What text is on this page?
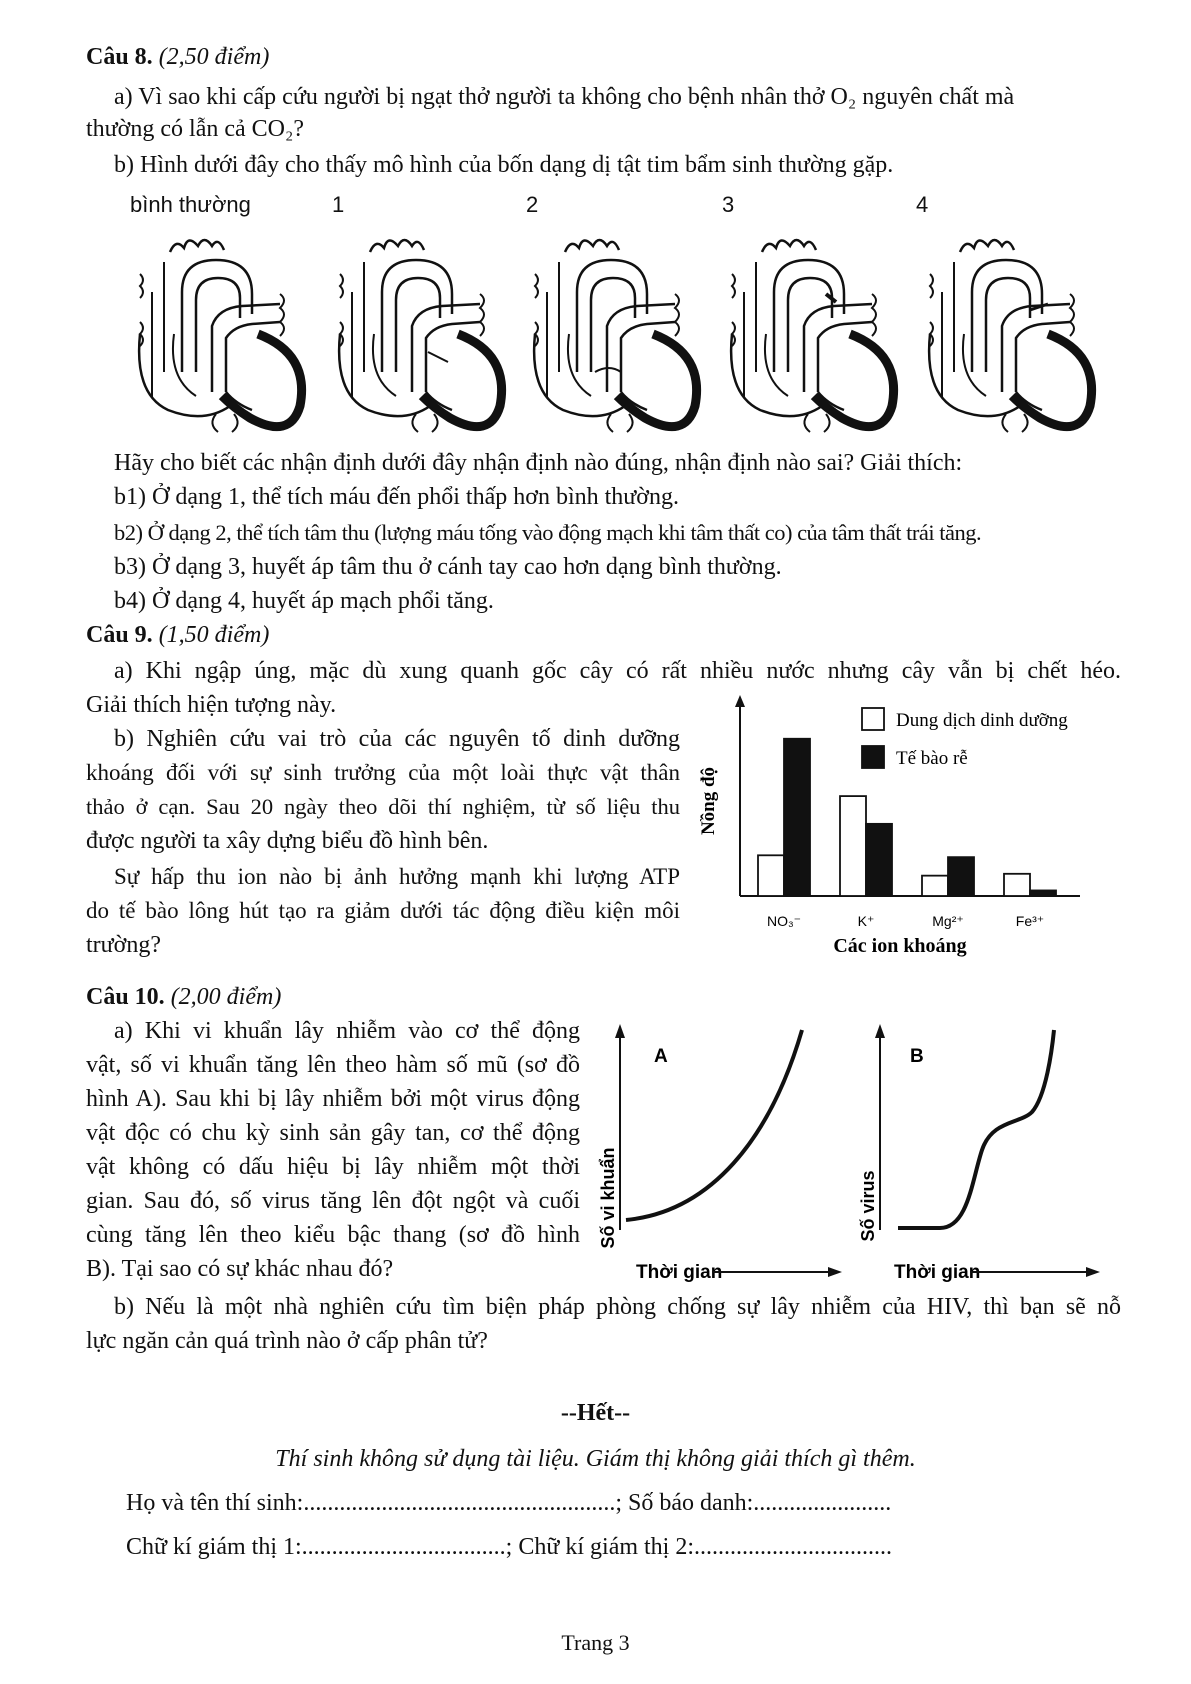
Câu 8. (2,50 điểm)
a) Vì sao khi cấp cứu người bị ngạt thở người ta không cho bệnh nhân thở O₂ nguyên chất mà
thường có lẫn cả CO₂?
b) Hình dưới đây cho thấy mô hình của bốn dạng dị tật tim bẩm sinh thường gặp.
bình thường	1	2	3	4
Hãy cho biết các nhận định dưới đây nhận định nào đúng, nhận định nào sai? Giải thích:
b1) Ở dạng 1, thể tích máu đến phổi thấp hơn bình thường.
b2) Ở dạng 2, thể tích tâm thu (lượng máu tống vào động mạch khi tâm thất co) của tâm thất trái tăng.
b3) Ở dạng 3, huyết áp tâm thu ở cánh tay cao hơn dạng bình thường.
b4) Ở dạng 4, huyết áp mạch phổi tăng.
Câu 9. (1,50 điểm)
a) Khi ngập úng, mặc dù xung quanh gốc cây có rất nhiều nước nhưng cây vẫn bị chết héo.
Giải thích hiện tượng này.
b) Nghiên cứu vai trò của các nguyên tố dinh dưỡng
khoáng đối với sự sinh trưởng của một loài thực vật thân
thảo ở cạn. Sau 20 ngày theo dõi thí nghiệm, từ số liệu thu
được người ta xây dựng biểu đồ hình bên.
Sự hấp thu ion nào bị ảnh hưởng mạnh khi lượng ATP
do tế bào lông hút tạo ra giảm dưới tác động điều kiện môi
trường?
Nồng độ
NO₃⁻	K⁺	Mg²⁺	Fe³⁺
Các ion khoáng
Dung dịch dinh dưỡng
Tế bào rễ
Câu 10. (2,00 điểm)
a) Khi vi khuẩn lây nhiễm vào cơ thể động
vật, số vi khuẩn tăng lên theo hàm số mũ (sơ đồ
hình A). Sau khi bị lây nhiễm bởi một virus động
vật độc có chu kỳ sinh sản gây tan, cơ thể động
vật không có dấu hiệu bị lây nhiễm một thời
gian. Sau đó, số virus tăng lên đột ngột và cuối
cùng tăng lên theo kiểu bậc thang (sơ đồ hình
B). Tại sao có sự khác nhau đó?
A
Số vi khuẩn
Thời gian
B
Số virus
Thời gian
b) Nếu là một nhà nghiên cứu tìm biện pháp phòng chống sự lây nhiễm của HIV, thì bạn sẽ nỗ
lực ngăn cản quá trình nào ở cấp phân tử?
--Hết--
Thí sinh không sử dụng tài liệu. Giám thị không giải thích gì thêm.
Họ và tên thí sinh:....................................................; Số báo danh:.......................
Chữ kí giám thị 1:..................................; Chữ kí giám thị 2:.................................
Trang 3
